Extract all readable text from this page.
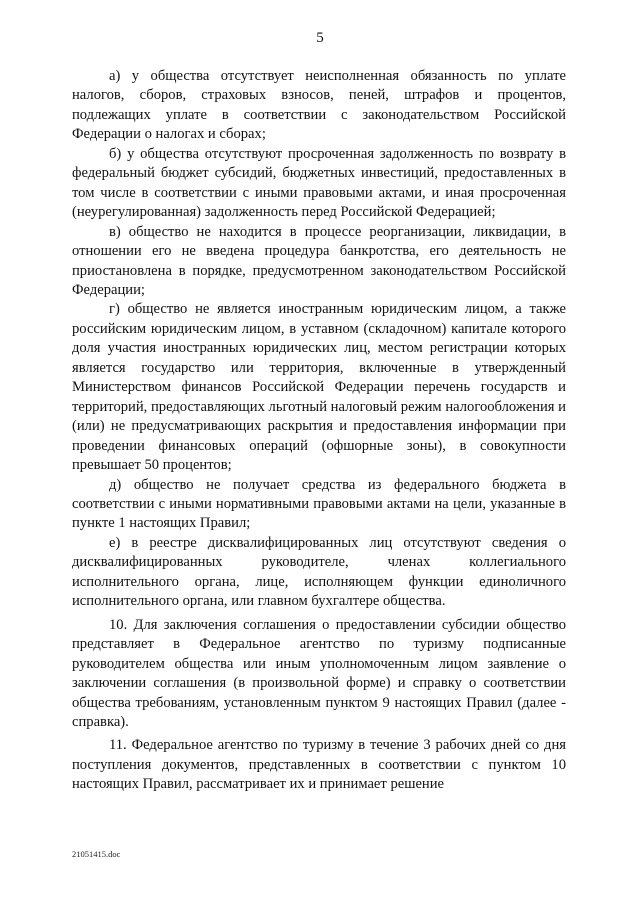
5

а) у общества отсутствует неисполненная обязанность по уплате налогов, сборов, страховых взносов, пеней, штрафов и процентов, подлежащих уплате в соответствии с законодательством Российской Федерации о налогах и сборах;

б) у общества отсутствуют просроченная задолженность по возврату в федеральный бюджет субсидий, бюджетных инвестиций, предоставленных в том числе в соответствии с иными правовыми актами, и иная просроченная (неурегулированная) задолженность перед Российской Федерацией;

в) общество не находится в процессе реорганизации, ликвидации, в отношении его не введена процедура банкротства, его деятельность не приостановлена в порядке, предусмотренном законодательством Российской Федерации;

г) общество не является иностранным юридическим лицом, а также российским юридическим лицом, в уставном (складочном) капитале которого доля участия иностранных юридических лиц, местом регистрации которых является государство или территория, включенные в утвержденный Министерством финансов Российской Федерации перечень государств и территорий, предоставляющих льготный налоговый режим налогообложения и (или) не предусматривающих раскрытия и предоставления информации при проведении финансовых операций (офшорные зоны), в совокупности превышает 50 процентов;

д) общество не получает средства из федерального бюджета в соответствии с иными нормативными правовыми актами на цели, указанные в пункте 1 настоящих Правил;

е) в реестре дисквалифицированных лиц отсутствуют сведения о дисквалифицированных руководителе, членах коллегиального исполнительного органа, лице, исполняющем функции единоличного исполнительного органа, или главном бухгалтере общества.

10. Для заключения соглашения о предоставлении субсидии общество представляет в Федеральное агентство по туризму подписанные руководителем общества или иным уполномоченным лицом заявление о заключении соглашения (в произвольной форме) и справку о соответствии общества требованиям, установленным пунктом 9 настоящих Правил (далее - справка).

11. Федеральное агентство по туризму в течение 3 рабочих дней со дня поступления документов, представленных в соответствии с пунктом 10 настоящих Правил, рассматривает их и принимает решение

21051415.doc
